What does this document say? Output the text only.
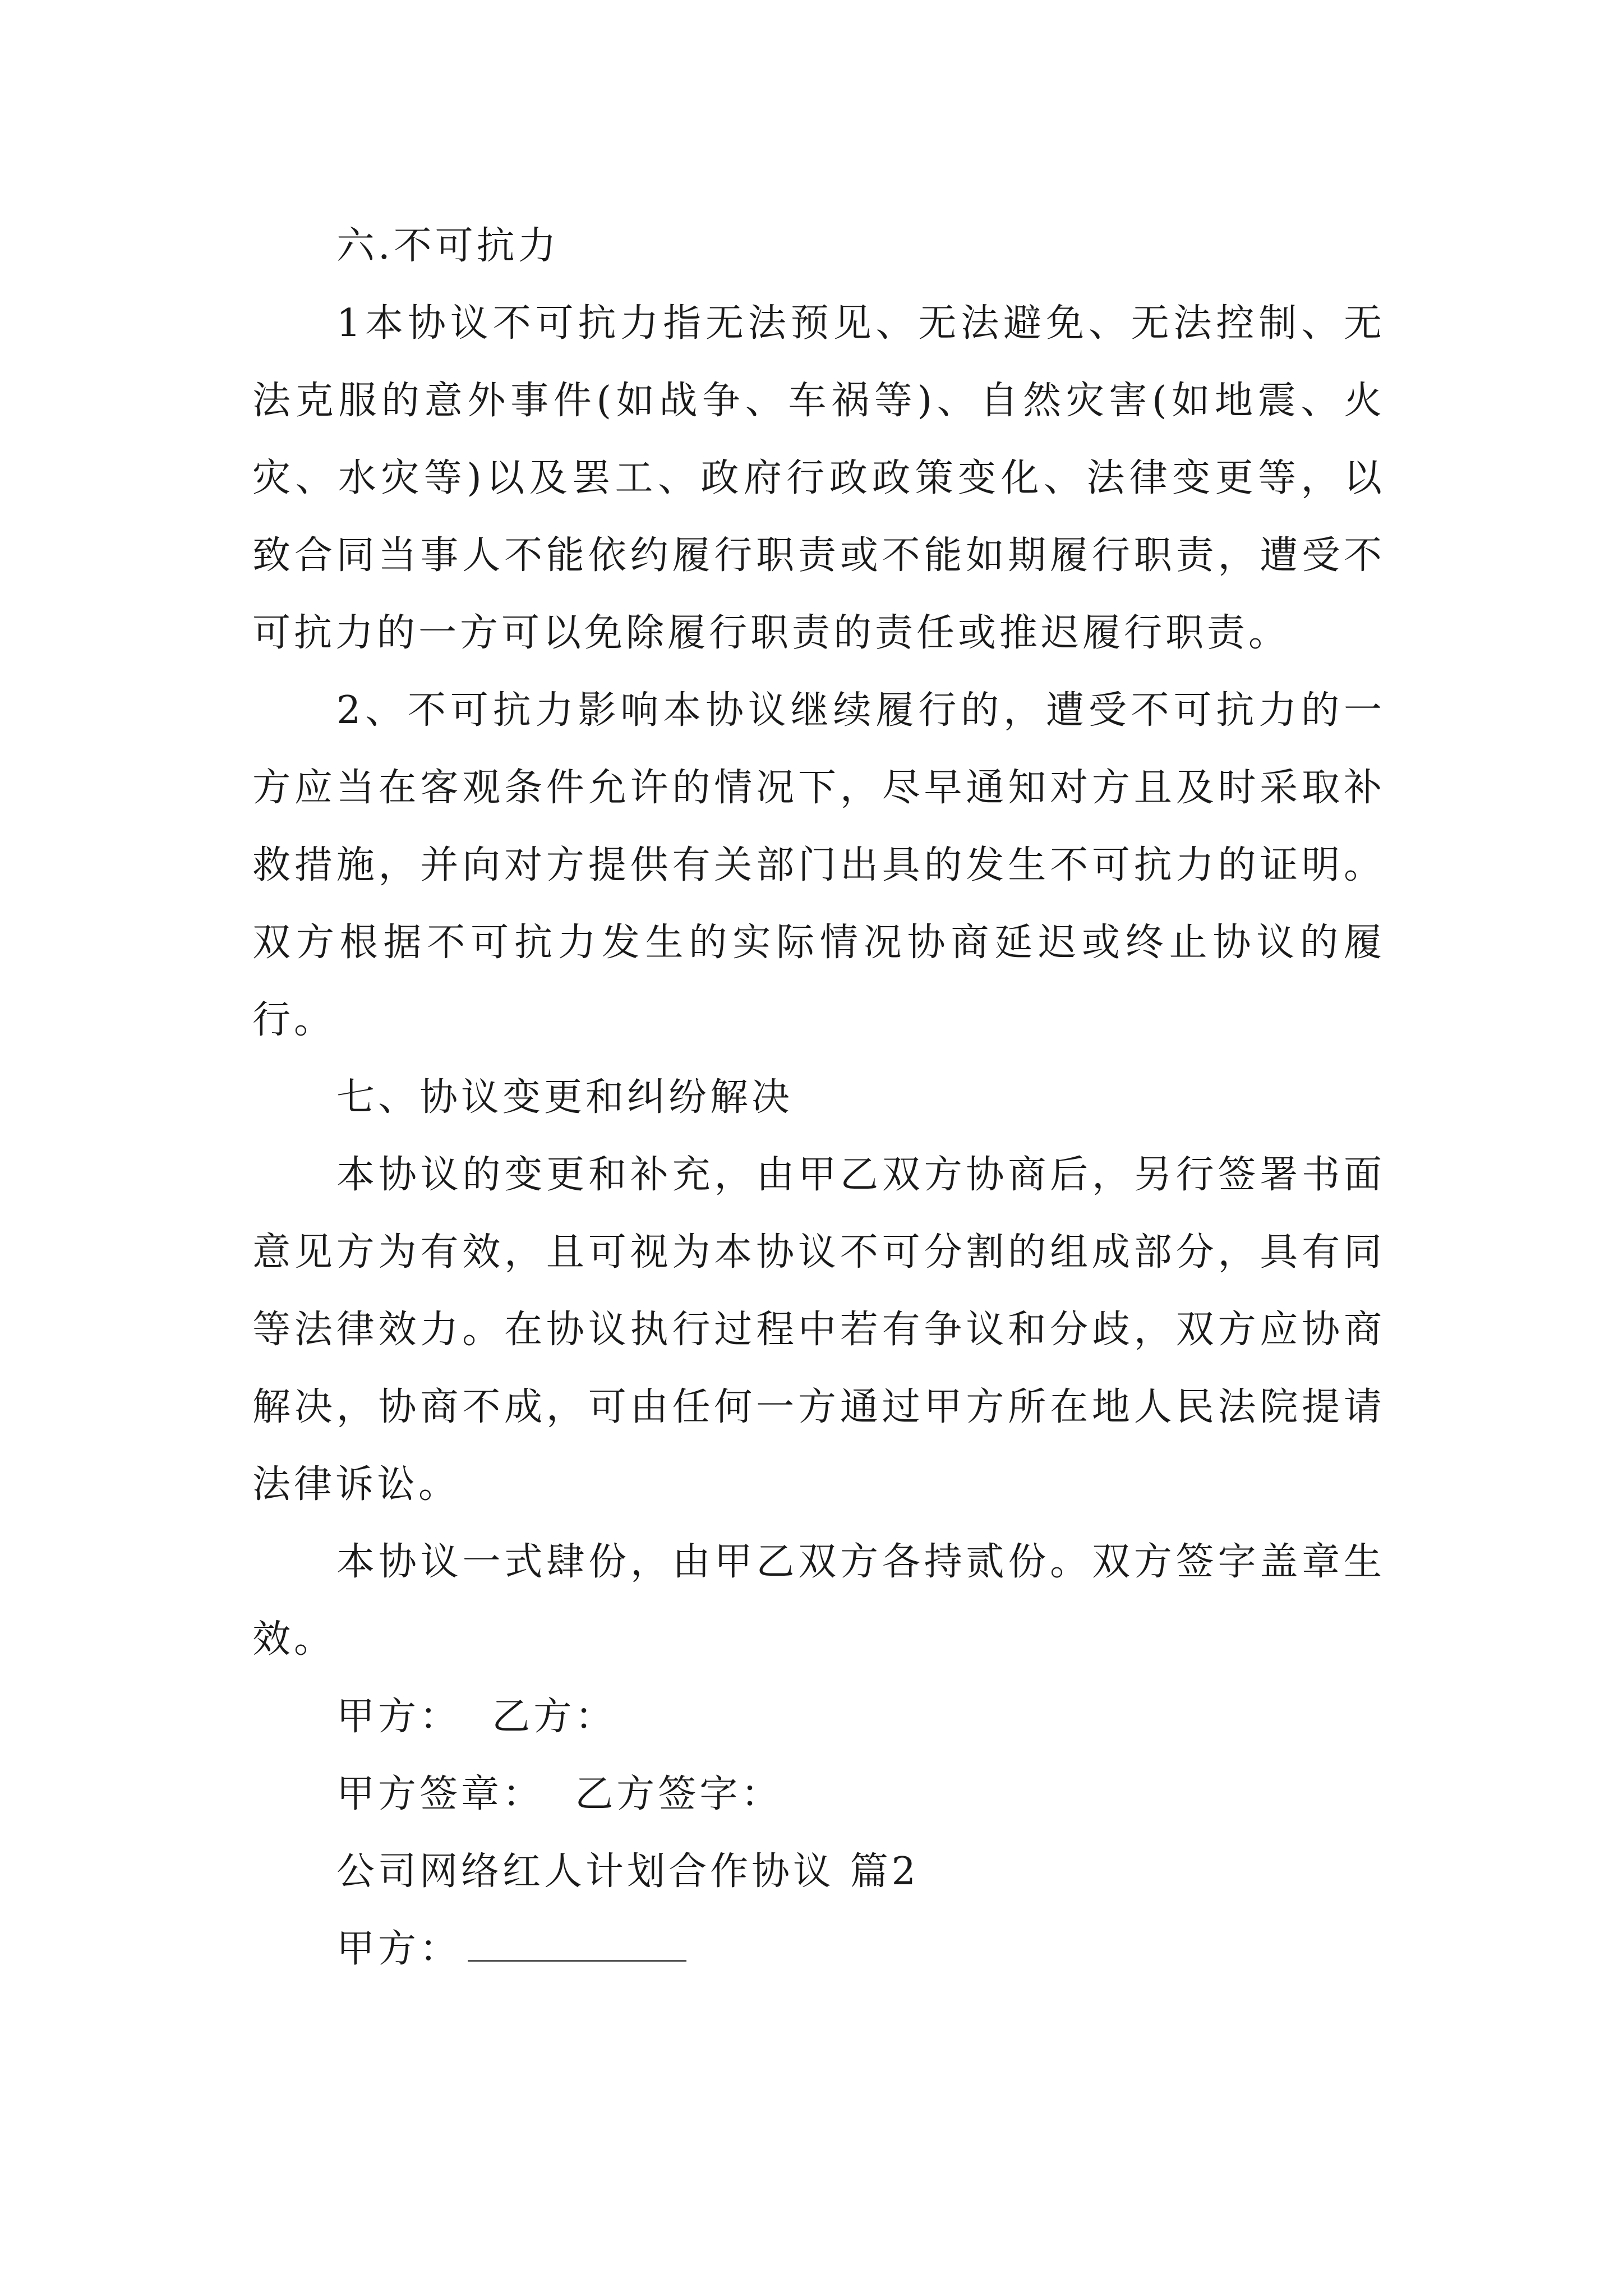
六.不可抗力

1本协议不可抗力指无法预见、无法避免、无法控制、无法克服的意外事件(如战争、车祸等)、自然灾害(如地震、火灾、水灾等)以及罢工、政府行政政策变化、法律变更等，以致合同当事人不能依约履行职责或不能如期履行职责，遭受不可抗力的一方可以免除履行职责的责任或推迟履行职责。

2、不可抗力影响本协议继续履行的，遭受不可抗力的一方应当在客观条件允许的情况下，尽早通知对方且及时采取补救措施，并向对方提供有关部门出具的发生不可抗力的证明。双方根据不可抗力发生的实际情况协商延迟或终止协议的履行。

七、协议变更和纠纷解决

本协议的变更和补充，由甲乙双方协商后，另行签署书面意见方为有效，且可视为本协议不可分割的组成部分，具有同等法律效力。在协议执行过程中若有争议和分歧，双方应协商解决，协商不成，可由任何一方通过甲方所在地人民法院提请法律诉讼。

本协议一式肆份，由甲乙双方各持贰份。双方签字盖章生效。

甲方：  乙方：

甲方签章：  乙方签字：

公司网络红人计划合作协议 篇2

甲方：
